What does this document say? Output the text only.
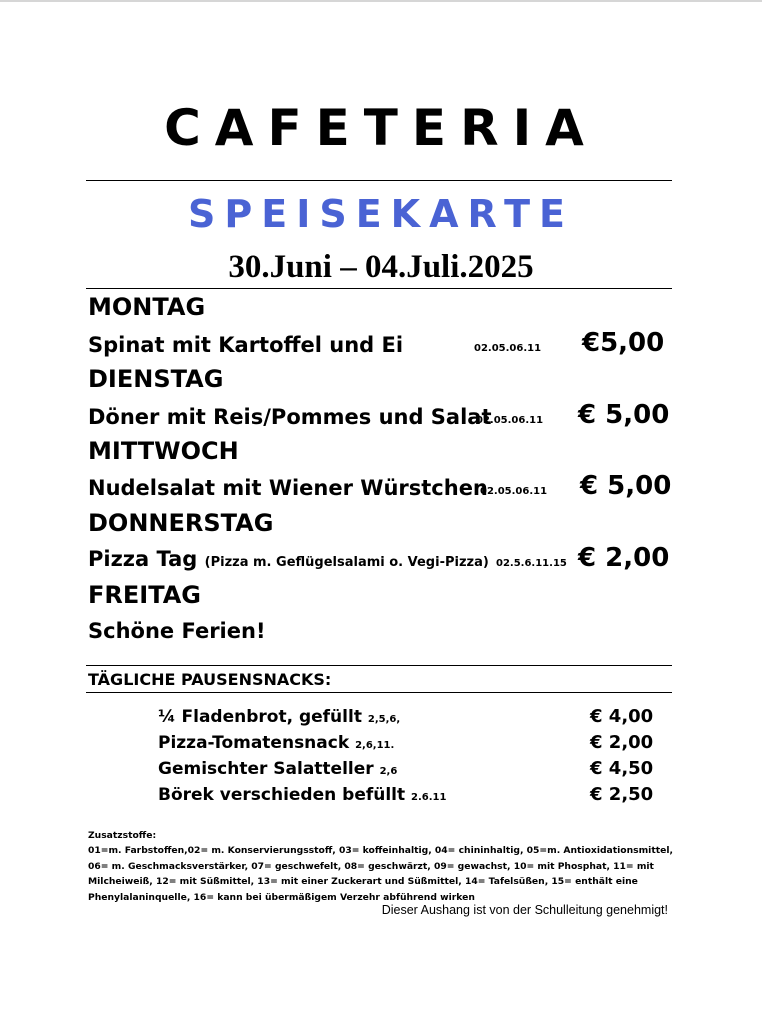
CAFETERIA
SPEISEKARTE
30.Juni – 04.Juli.2025
MONTAG
Spinat mit Kartoffel und Ei	02.05.06.11 €5,00
DIENSTAG
Döner mit Reis/Pommes und Salat
02.05.06.11 € 5,00
MITTWOCH
Nudelsalat mit Wiener Würstchen
02.05.06.11 € 5,00
DONNERSTAG
Pizza Tag (Pizza m. Geflügelsalami o. Vegi-Pizza) 02.5.6.11.15 € 2,00
FREITAG
Schöne Ferien!
TÄGLICHE PAUSENSNACKS:
¼ Fladenbrot, gefüllt 2,5,6,	€ 4,00
Pizza-Tomatensnack 2,6,11.	€ 2,00
Gemischter Salatteller 2,6	€ 4,50
Börek verschieden befüllt 2.6.11	€ 2,50
Zusatzstoffe:
01=m. Farbstoffen,02= m. Konservierungsstoff, 03= koffeinhaltig, 04= chininhaltig, 05=m. Antioxidationsmittel,
06= m. Geschmacksverstärker, 07= geschwefelt, 08= geschwärzt, 09= gewachst, 10= mit Phosphat, 11= mit
Milcheiweiß, 12= mit Süßmittel, 13= mit einer Zuckerart und Süßmittel, 14= Tafelsüßen, 15= enthält eine
Phenylalaninquelle, 16= kann bei übermäßigem Verzehr abführend wirken
Dieser Aushang ist von der Schulleitung genehmigt!
